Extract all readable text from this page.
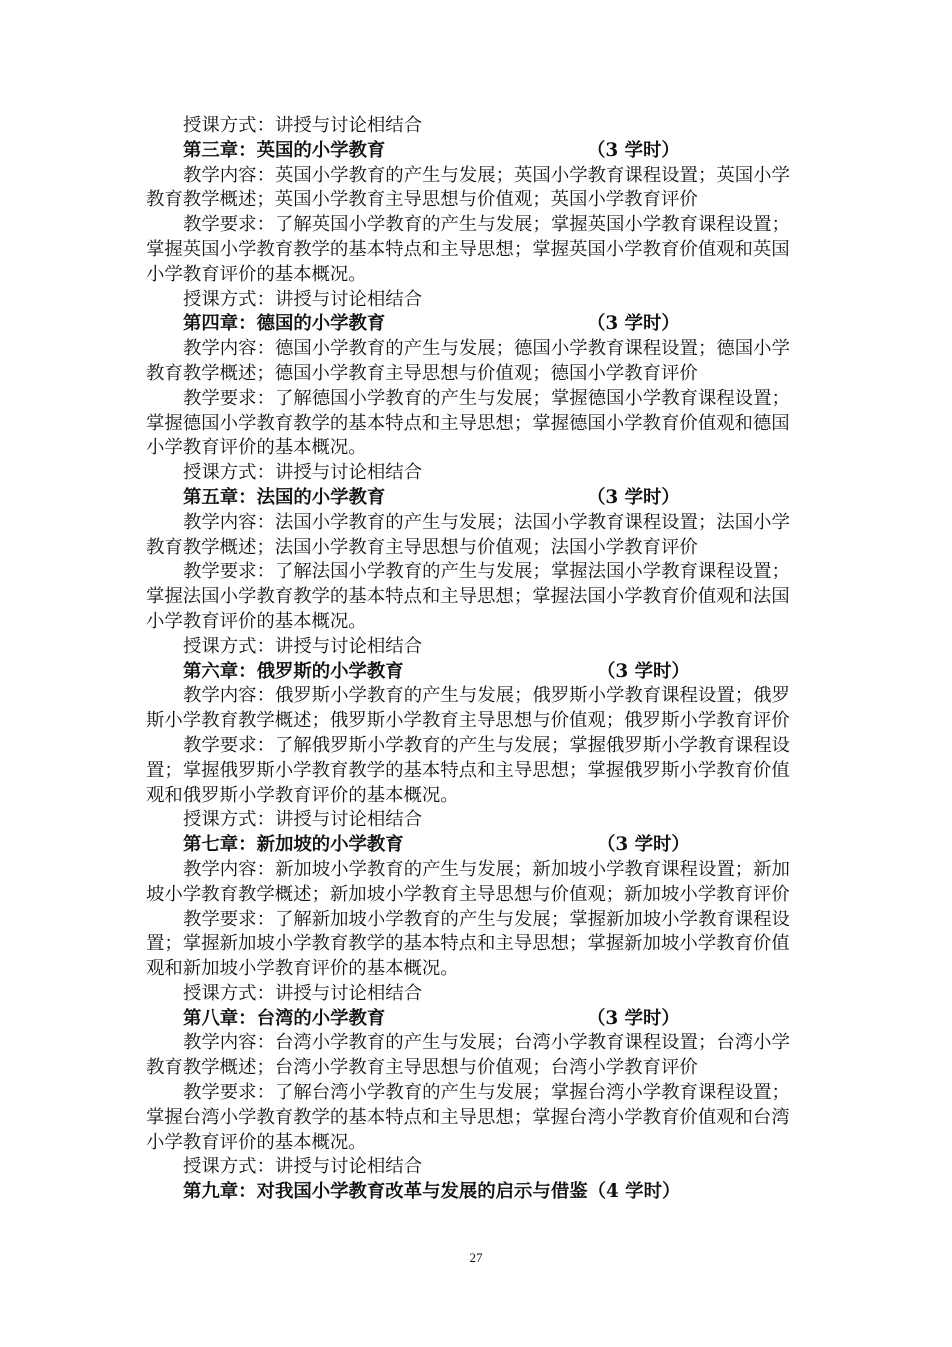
授课方式：讲授与讨论相结合
第三章：英国的小学教育	（3 学时）
教学内容：英国小学教育的产生与发展；英国小学教育课程设置；英国小学
教育教学概述；英国小学教育主导思想与价值观；英国小学教育评价
教学要求：了解英国小学教育的产生与发展；掌握英国小学教育课程设置；
掌握英国小学教育教学的基本特点和主导思想；掌握英国小学教育价值观和英国
小学教育评价的基本概况。
授课方式：讲授与讨论相结合
第四章：德国的小学教育	（3 学时）
教学内容：德国小学教育的产生与发展；德国小学教育课程设置；德国小学
教育教学概述；德国小学教育主导思想与价值观；德国小学教育评价
教学要求：了解德国小学教育的产生与发展；掌握德国小学教育课程设置；
掌握德国小学教育教学的基本特点和主导思想；掌握德国小学教育价值观和德国
小学教育评价的基本概况。
授课方式：讲授与讨论相结合
第五章：法国的小学教育	（3 学时）
教学内容：法国小学教育的产生与发展；法国小学教育课程设置；法国小学
教育教学概述；法国小学教育主导思想与价值观；法国小学教育评价
教学要求：了解法国小学教育的产生与发展；掌握法国小学教育课程设置；
掌握法国小学教育教学的基本特点和主导思想；掌握法国小学教育价值观和法国
小学教育评价的基本概况。
授课方式：讲授与讨论相结合
第六章：俄罗斯的小学教育	（3 学时）
教学内容：俄罗斯小学教育的产生与发展；俄罗斯小学教育课程设置；俄罗
斯小学教育教学概述；俄罗斯小学教育主导思想与价值观；俄罗斯小学教育评价
教学要求：了解俄罗斯小学教育的产生与发展；掌握俄罗斯小学教育课程设
置；掌握俄罗斯小学教育教学的基本特点和主导思想；掌握俄罗斯小学教育价值
观和俄罗斯小学教育评价的基本概况。
授课方式：讲授与讨论相结合
第七章：新加坡的小学教育	（3 学时）
教学内容：新加坡小学教育的产生与发展；新加坡小学教育课程设置；新加
坡小学教育教学概述；新加坡小学教育主导思想与价值观；新加坡小学教育评价
教学要求：了解新加坡小学教育的产生与发展；掌握新加坡小学教育课程设
置；掌握新加坡小学教育教学的基本特点和主导思想；掌握新加坡小学教育价值
观和新加坡小学教育评价的基本概况。
授课方式：讲授与讨论相结合
第八章：台湾的小学教育	（3 学时）
教学内容：台湾小学教育的产生与发展；台湾小学教育课程设置；台湾小学
教育教学概述；台湾小学教育主导思想与价值观；台湾小学教育评价
教学要求：了解台湾小学教育的产生与发展；掌握台湾小学教育课程设置；
掌握台湾小学教育教学的基本特点和主导思想；掌握台湾小学教育价值观和台湾
小学教育评价的基本概况。
授课方式：讲授与讨论相结合
第九章：对我国小学教育改革与发展的启示与借鉴（4 学时）
27
